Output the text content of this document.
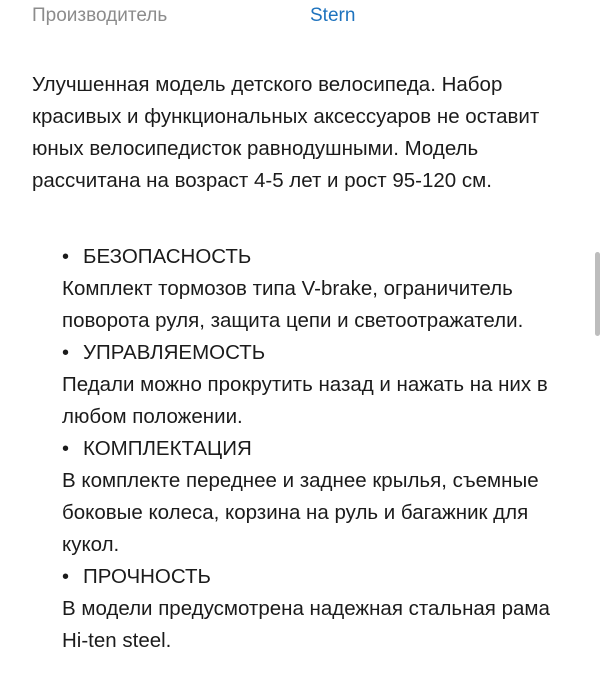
Производитель	Stern

Улучшенная модель детского велосипеда. Набор красивых и функциональных аксессуаров не оставит юных велосипедисток равнодушными. Модель рассчитана на возраст 4-5 лет и рост 95-120 см.

• БЕЗОПАСНОСТЬ

Комплект тормозов типа V-brake, ограничитель поворота руля, защита цепи и светоотражатели.

• УПРАВЛЯЕМОСТЬ

Педали можно прокрутить назад и нажать на них в любом положении.

• КОМПЛЕКТАЦИЯ

В комплекте переднее и заднее крылья, съемные боковые колеса, корзина на руль и багажник для кукол.

• ПРОЧНОСТЬ

В модели предусмотрена надежная стальная рама Hi-ten steel.
